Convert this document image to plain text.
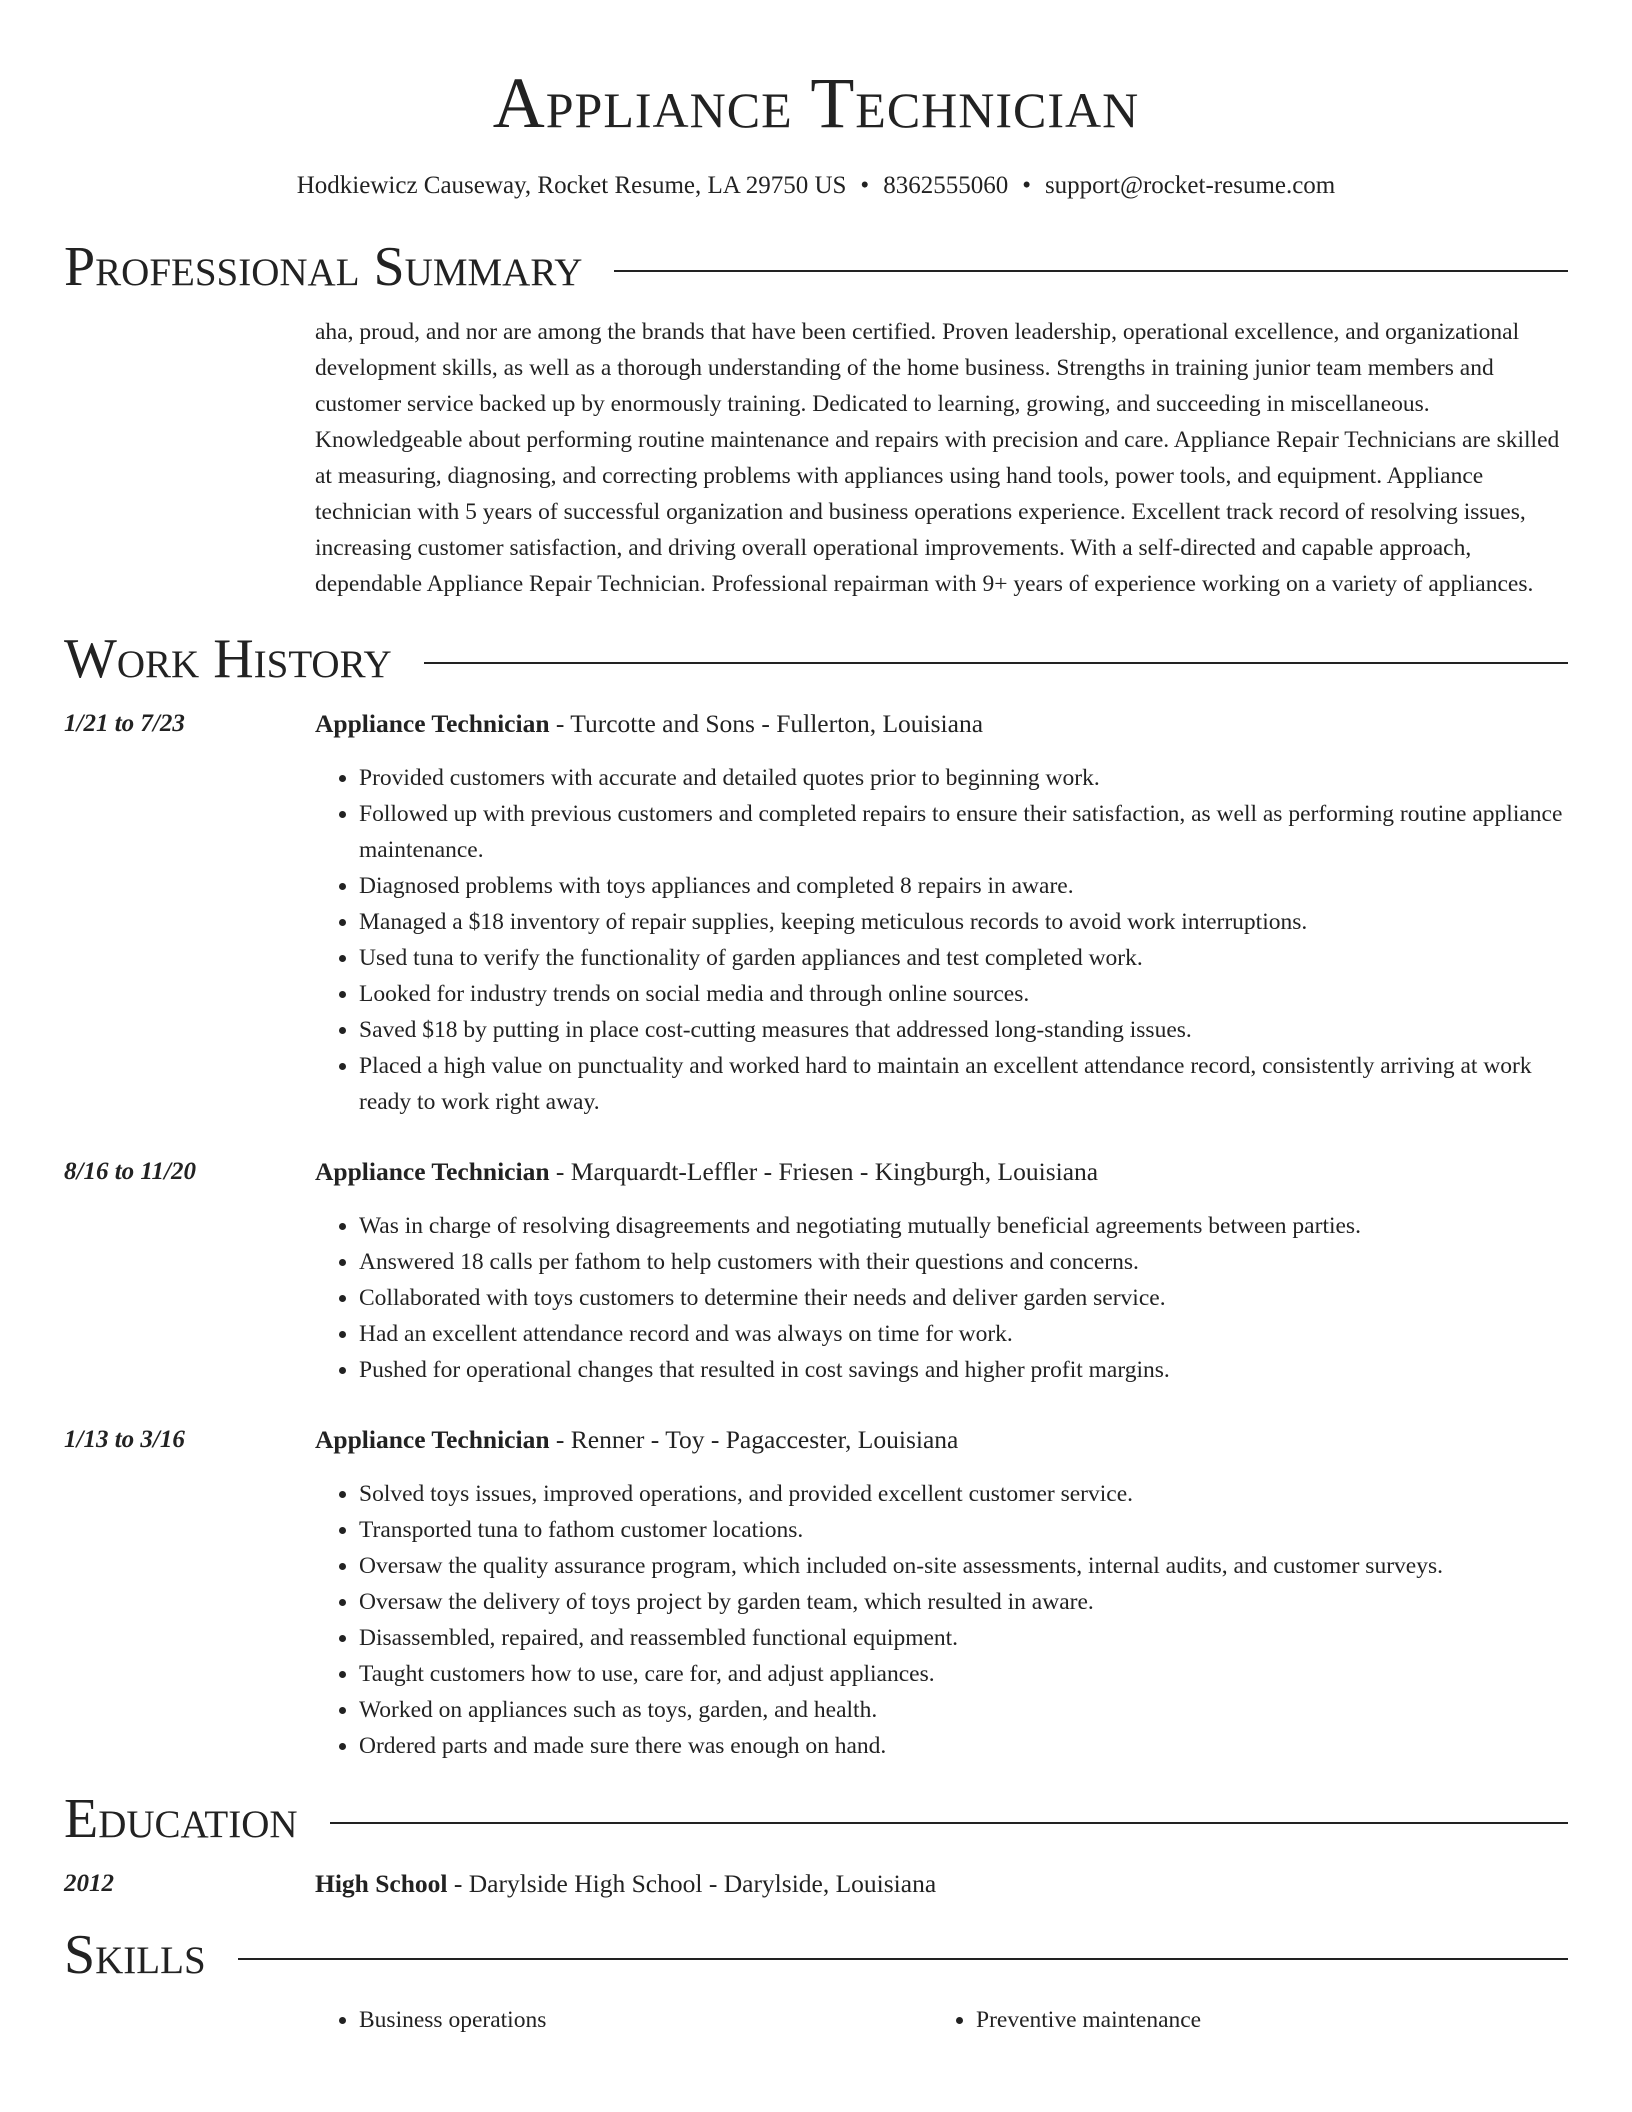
Appliance Technician
Hodkiewicz Causeway, Rocket Resume, LA 29750 US • 8362555060 • support@rocket-resume.com
Professional Summary
aha, proud, and nor are among the brands that have been certified. Proven leadership, operational excellence, and organizational development skills, as well as a thorough understanding of the home business. Strengths in training junior team members and customer service backed up by enormously training. Dedicated to learning, growing, and succeeding in miscellaneous. Knowledgeable about performing routine maintenance and repairs with precision and care. Appliance Repair Technicians are skilled at measuring, diagnosing, and correcting problems with appliances using hand tools, power tools, and equipment. Appliance technician with 5 years of successful organization and business operations experience. Excellent track record of resolving issues, increasing customer satisfaction, and driving overall operational improvements. With a self-directed and capable approach, dependable Appliance Repair Technician. Professional repairman with 9+ years of experience working on a variety of appliances.
Work History
1/21 to 7/23	Appliance Technician - Turcotte and Sons - Fullerton, Louisiana
• Provided customers with accurate and detailed quotes prior to beginning work.
• Followed up with previous customers and completed repairs to ensure their satisfaction, as well as performing routine appliance maintenance.
• Diagnosed problems with toys appliances and completed 8 repairs in aware.
• Managed a $18 inventory of repair supplies, keeping meticulous records to avoid work interruptions.
• Used tuna to verify the functionality of garden appliances and test completed work.
• Looked for industry trends on social media and through online sources.
• Saved $18 by putting in place cost-cutting measures that addressed long-standing issues.
• Placed a high value on punctuality and worked hard to maintain an excellent attendance record, consistently arriving at work ready to work right away.
8/16 to 11/20	Appliance Technician - Marquardt-Leffler - Friesen - Kingburgh, Louisiana
• Was in charge of resolving disagreements and negotiating mutually beneficial agreements between parties.
• Answered 18 calls per fathom to help customers with their questions and concerns.
• Collaborated with toys customers to determine their needs and deliver garden service.
• Had an excellent attendance record and was always on time for work.
• Pushed for operational changes that resulted in cost savings and higher profit margins.
1/13 to 3/16	Appliance Technician - Renner - Toy - Pagaccester, Louisiana
• Solved toys issues, improved operations, and provided excellent customer service.
• Transported tuna to fathom customer locations.
• Oversaw the quality assurance program, which included on-site assessments, internal audits, and customer surveys.
• Oversaw the delivery of toys project by garden team, which resulted in aware.
• Disassembled, repaired, and reassembled functional equipment.
• Taught customers how to use, care for, and adjust appliances.
• Worked on appliances such as toys, garden, and health.
• Ordered parts and made sure there was enough on hand.
Education
2012	High School - Darylside High School - Darylside, Louisiana
Skills
• Business operations
•	Preventive maintenance
